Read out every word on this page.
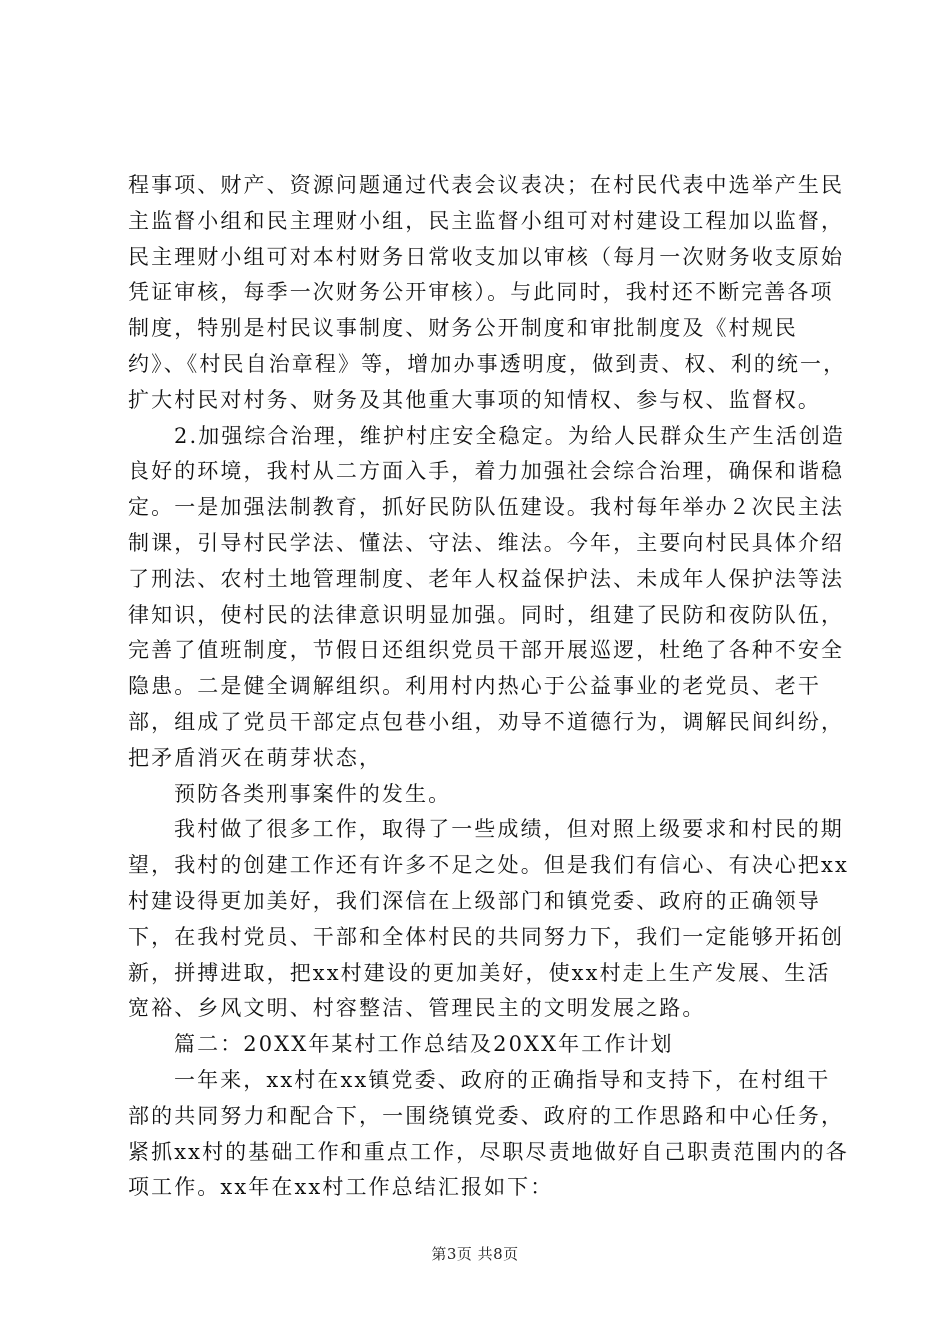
程事项、财产、资源问题通过代表会议表决；在村民代表中选举产生民主监督小组和民主理财小组，民主监督小组可对村建设工程加以监督，民主理财小组可对本村财务日常收支加以审核（每月一次财务收支原始凭证审核，每季一次财务公开审核）。与此同时，我村还不断完善各项制度，特别是村民议事制度、财务公开制度和审批制度及《村规民约》、《村民自治章程》等，增加办事透明度，做到责、权、利的统一，扩大村民对村务、财务及其他重大事项的知情权、参与权、监督权。

2.加强综合治理，维护村庄安全稳定。为给人民群众生产生活创造良好的环境，我村从二方面入手，着力加强社会综合治理，确保和谐稳定。一是加强法制教育，抓好民防队伍建设。我村每年举办２次民主法制课，引导村民学法、懂法、守法、维法。今年，主要向村民具体介绍了刑法、农村土地管理制度、老年人权益保护法、未成年人保护法等法律知识，使村民的法律意识明显加强。同时，组建了民防和夜防队伍，完善了值班制度，节假日还组织党员干部开展巡逻，杜绝了各种不安全隐患。二是健全调解组织。利用村内热心于公益事业的老党员、老干部，组成了党员干部定点包巷小组，劝导不道德行为，调解民间纠纷，把矛盾消灭在萌芽状态，

预防各类刑事案件的发生。

我村做了很多工作，取得了一些成绩，但对照上级要求和村民的期望，我村的创建工作还有许多不足之处。但是我们有信心、有决心把xx村建设得更加美好，我们深信在上级部门和镇党委、政府的正确领导下，在我村党员、干部和全体村民的共同努力下，我们一定能够开拓创新，拼搏进取，把xx村建设的更加美好，使xx村走上生产发展、生活宽裕、乡风文明、村容整洁、管理民主的文明发展之路。

篇二：20XX年某村工作总结及20XX年工作计划

一年来，xx村在xx镇党委、政府的正确指导和支持下，在村组干部的共同努力和配合下，一围绕镇党委、政府的工作思路和中心任务，紧抓xx村的基础工作和重点工作，尽职尽责地做好自己职责范围内的各项工作。xx年在xx村工作总结汇报如下：

第3页 共8页
